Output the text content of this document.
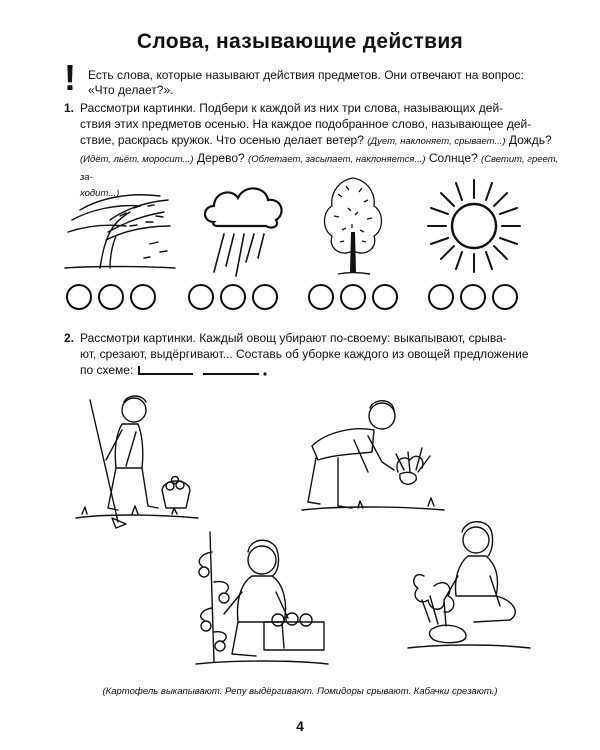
Слова, называющие действия
! Есть слова, которые называют действия предметов. Они отвечают на вопрос:
«Что делает?».
1. Рассмотри картинки. Подбери к каждой из них три слова, называющих дей-
ствия этих предметов осенью. На каждое подобранное слово, называющее дей-
ствие, раскрась кружок. Что осенью делает ветер? (Дует, наклоняет, срывает...) Дождь?
(Идёт, льёт, моросит...) Дерево? (Облетает, засыпает, наклоняется...) Солнце? (Светит, греет, за-
ходит...)
2. Рассмотри картинки. Каждый овощ убирают по-своему: выкапывают, срыва-
ют, срезают, выдёргивают... Составь об уборке каждого из овощей предложение
по схеме:
(Картофель выкапывают. Репу выдёргивают. Помидоры срывают. Кабачки срезают.)
4
